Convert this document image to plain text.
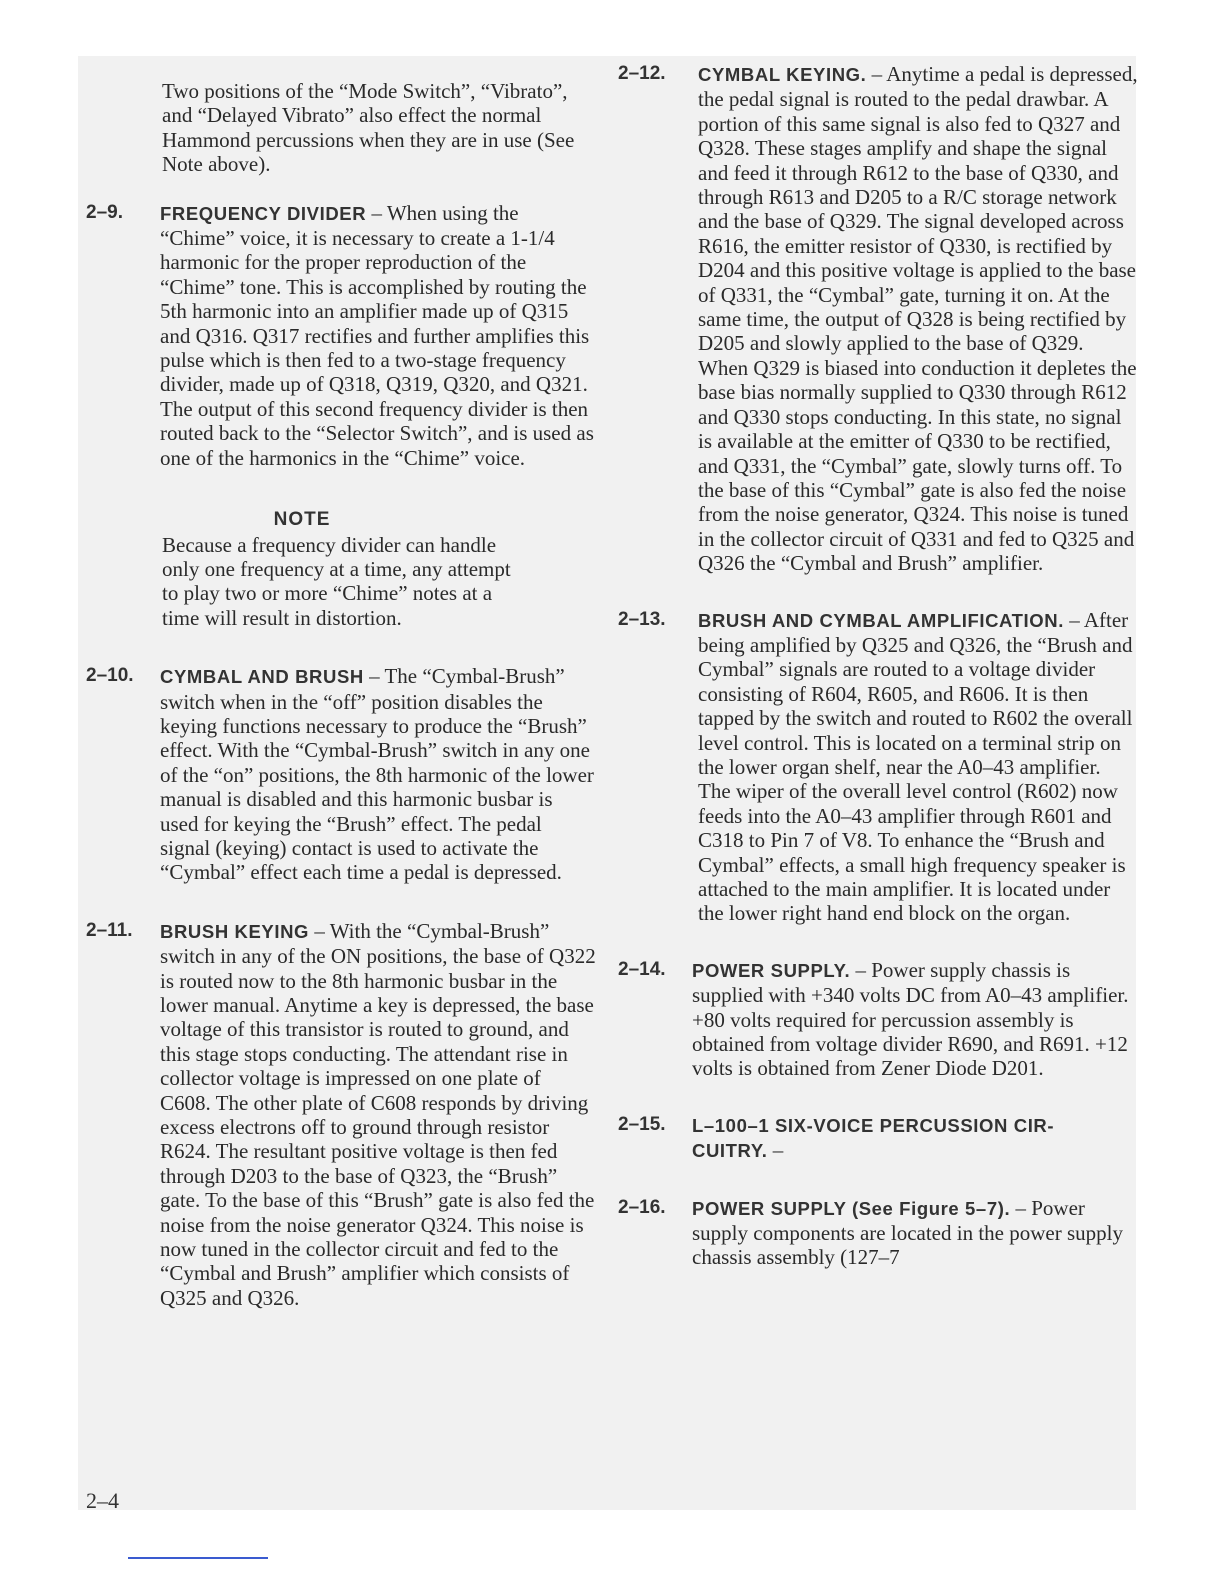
Two positions of the “Mode Switch”, “Vibrato”, and “Delayed Vibrato” also effect the normal Hammond percussions when they are in use (See Note above).

2–9. FREQUENCY DIVIDER – When using the “Chime” voice, it is necessary to create a 1-1/4 harmonic for the proper reproduction of the “Chime” tone. This is accomplished by routing the 5th harmonic into an amplifier made up of Q315 and Q316. Q317 rectifies and further amplifies this pulse which is then fed to a two-stage frequency divider, made up of Q318, Q319, Q320, and Q321. The output of this second frequency divider is then routed back to the “Selector Switch”, and is used as one of the harmonics in the “Chime” voice.
NOTE
Because a frequency divider can handle only one frequency at a time, any attempt to play two or more “Chime” notes at a time will result in distortion.
2–10. CYMBAL AND BRUSH – The “Cymbal-Brush” switch when in the “off” position disables the keying functions necessary to produce the “Brush” effect. With the “Cymbal-Brush” switch in any one of the “on” positions, the 8th harmonic of the lower manual is disabled and this harmonic busbar is used for keying the “Brush” effect. The pedal signal (keying) contact is used to activate the “Cymbal” effect each time a pedal is depressed.
2–11. BRUSH KEYING – With the “Cymbal-Brush” switch in any of the ON positions, the base of Q322 is routed now to the 8th harmonic busbar in the lower manual. Anytime a key is depressed, the base voltage of this transistor is routed to ground, and this stage stops conducting. The attendant rise in collector voltage is impressed on one plate of C608. The other plate of C608 responds by driving excess electrons off to ground through resistor R624. The resultant positive voltage is then fed through D203 to the base of Q323, the “Brush” gate. To the base of this “Brush” gate is also fed the noise from the noise generator Q324. This noise is now tuned in the collector circuit and fed to the “Cymbal and Brush” amplifier which consists of Q325 and Q326.
2–12. CYMBAL KEYING. – Anytime a pedal is depressed, the pedal signal is routed to the pedal drawbar. A portion of this same signal is also fed to Q327 and Q328. These stages amplify and shape the signal and feed it through R612 to the base of Q330, and through R613 and D205 to a R/C storage network and the base of Q329. The signal developed across R616, the emitter resistor of Q330, is rectified by D204 and this positive voltage is applied to the base of Q331, the “Cymbal” gate, turning it on. At the same time, the output of Q328 is being rectified by D205 and slowly applied to the base of Q329. When Q329 is biased into conduction it depletes the base bias normally supplied to Q330 through R612 and Q330 stops conducting. In this state, no signal is available at the emitter of Q330 to be rectified, and Q331, the “Cymbal” gate, slowly turns off. To the base of this “Cymbal” gate is also fed the noise from the noise generator, Q324. This noise is tuned in the collector circuit of Q331 and fed to Q325 and Q326 the “Cymbal and Brush” amplifier.
2–13. BRUSH AND CYMBAL AMPLIFICATION. – After being amplified by Q325 and Q326, the “Brush and Cymbal” signals are routed to a voltage divider consisting of R604, R605, and R606. It is then tapped by the switch and routed to R602 the overall level control. This is located on a terminal strip on the lower organ shelf, near the A0–43 amplifier. The wiper of the overall level control (R602) now feeds into the A0–43 amplifier through R601 and C318 to Pin 7 of V8. To enhance the “Brush and Cymbal” effects, a small high frequency speaker is attached to the main amplifier. It is located under the lower right hand end block on the organ.
2–14. POWER SUPPLY. – Power supply chassis is supplied with +340 volts DC from A0–43 amplifier. +80 volts required for percussion assembly is obtained from voltage divider R690, and R691. +12 volts is obtained from Zener Diode D201.
2–15. L–100–1 SIX-VOICE PERCUSSION CIRCUITRY. –
2–16. POWER SUPPLY (See Figure 5–7). – Power supply components are located in the power supply chassis assembly (127–7
2–4
